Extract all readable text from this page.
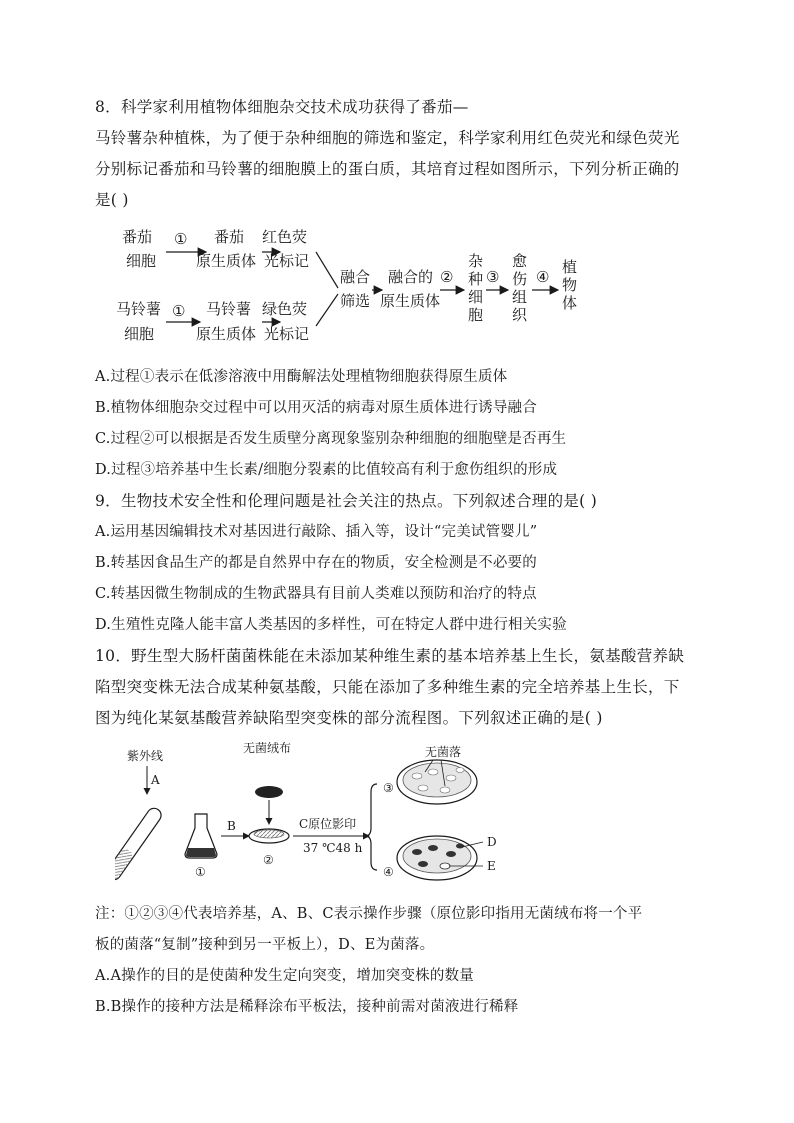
8．科学家利用植物体细胞杂交技术成功获得了番茄—
马铃薯杂种植株，为了便于杂种细胞的筛选和鉴定，科学家利用红色荧光和绿色荧光
分别标记番茄和马铃薯的细胞膜上的蛋白质，其培育过程如图所示，下列分析正确的
是( )
番茄
细胞
① 番茄
原生质体
红色荧
光标记
马铃薯
细胞
① 马铃薯
原生质体
绿色荧
光标记
融合
筛选
融合的
原生质体
②
杂
种
细
胞
③
愈
伤
组
织
④
植
物
体
A.过程①表示在低渗溶液中用酶解法处理植物细胞获得原生质体
B.植物体细胞杂交过程中可以用灭活的病毒对原生质体进行诱导融合
C.过程②可以根据是否发生质壁分离现象鉴别杂种细胞的细胞壁是否再生
D.过程③培养基中生长素/细胞分裂素的比值较高有利于愈伤组织的形成
9．生物技术安全性和伦理问题是社会关注的热点。下列叙述合理的是( )
A.运用基因编辑技术对基因进行敲除、插入等，设计“完美试管婴儿”
B.转基因食品生产的都是自然界中存在的物质，安全检测是不必要的
C.转基因微生物制成的生物武器具有目前人类难以预防和治疗的特点
D.生殖性克隆人能丰富人类基因的多样性，可在特定人群中进行相关实验
10．野生型大肠杆菌菌株能在未添加某种维生素的基本培养基上生长，氨基酸营养缺
陷型突变株无法合成某种氨基酸，只能在添加了多种维生素的完全培养基上生长，下
图为纯化某氨基酸营养缺陷型突变株的部分流程图。下列叙述正确的是( )
紫外线
A
①
B
无菌绒布
②
C原位影印
37 ℃48 h
③
④
无菌落
D
E
注：①②③④代表培养基，A、B、C表示操作步骤（原位影印指用无菌绒布将一个平
板的菌落“复制”接种到另一平板上），D、E为菌落。
A.A操作的目的是使菌种发生定向突变，增加突变株的数量
B.B操作的接种方法是稀释涂布平板法，接种前需对菌液进行稀释
